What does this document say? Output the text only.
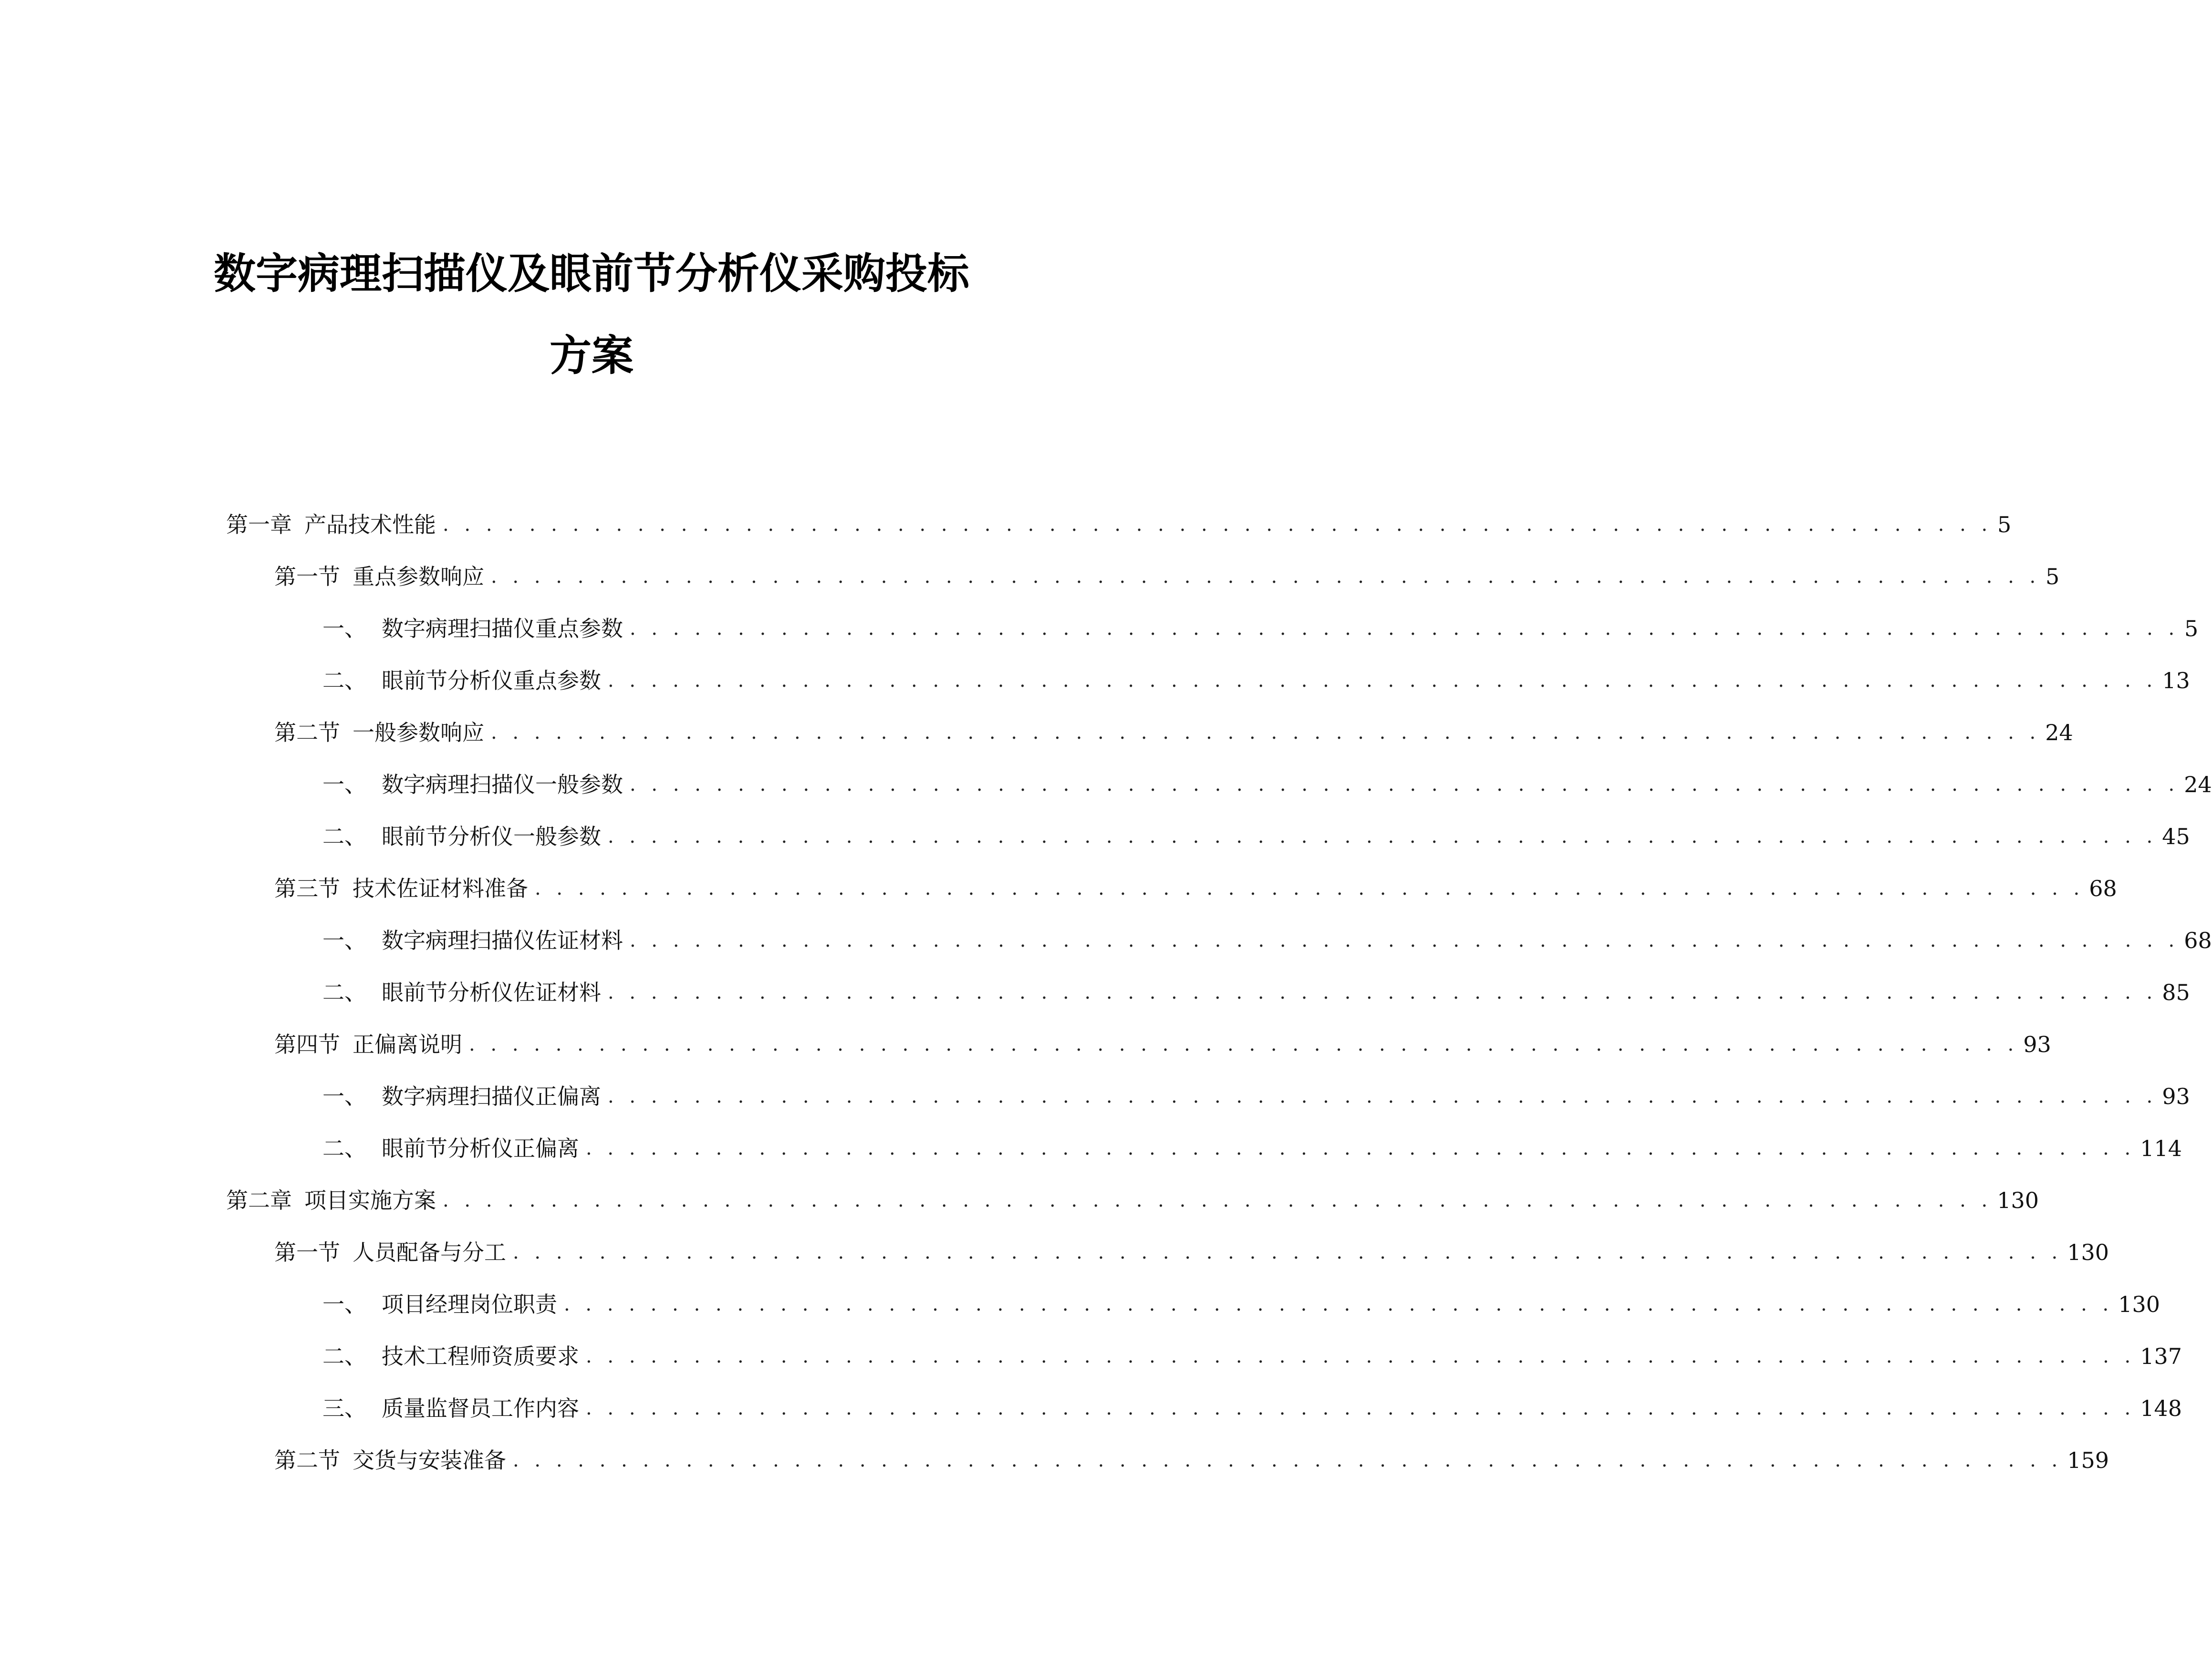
数字病理扫描仪及眼前节分析仪采购投标
方案
第一章 产品技术性能 . . . . . . . . . . . . . . . . . . . . . . . . . . . . . . . . . . . . . . . . . . . . . . . . . . . . . . . . . . . . . . . . . . . . . . . . 5
第一节 重点参数响应 . . . . . . . . . . . . . . . . . . . . . . . . . . . . . . . . . . . . . . . . . . . . . . . . . . . . . . . . . . . . . . . . . . . . . . . . 5
一、 数字病理扫描仪重点参数 . . . . . . . . . . . . . . . . . . . . . . . . . . . . . . . . . . . . . . . . . . . . . . . . . . . . . . . . . . . . . . . . . . . . . . . . 5
二、 眼前节分析仪重点参数 . . . . . . . . . . . . . . . . . . . . . . . . . . . . . . . . . . . . . . . . . . . . . . . . . . . . . . . . . . . . . . . . . . . . . . . . 13
第二节 一般参数响应 . . . . . . . . . . . . . . . . . . . . . . . . . . . . . . . . . . . . . . . . . . . . . . . . . . . . . . . . . . . . . . . . . . . . . . . . 24
一、 数字病理扫描仪一般参数 . . . . . . . . . . . . . . . . . . . . . . . . . . . . . . . . . . . . . . . . . . . . . . . . . . . . . . . . . . . . . . . . . . . . . . . . 24
二、 眼前节分析仪一般参数 . . . . . . . . . . . . . . . . . . . . . . . . . . . . . . . . . . . . . . . . . . . . . . . . . . . . . . . . . . . . . . . . . . . . . . . . 45
第三节 技术佐证材料准备 . . . . . . . . . . . . . . . . . . . . . . . . . . . . . . . . . . . . . . . . . . . . . . . . . . . . . . . . . . . . . . . . . . . . . . . . 68
一、 数字病理扫描仪佐证材料 . . . . . . . . . . . . . . . . . . . . . . . . . . . . . . . . . . . . . . . . . . . . . . . . . . . . . . . . . . . . . . . . . . . . . . . . 68
二、 眼前节分析仪佐证材料 . . . . . . . . . . . . . . . . . . . . . . . . . . . . . . . . . . . . . . . . . . . . . . . . . . . . . . . . . . . . . . . . . . . . . . . . 85
第四节 正偏离说明 . . . . . . . . . . . . . . . . . . . . . . . . . . . . . . . . . . . . . . . . . . . . . . . . . . . . . . . . . . . . . . . . . . . . . . . . 93
一、 数字病理扫描仪正偏离 . . . . . . . . . . . . . . . . . . . . . . . . . . . . . . . . . . . . . . . . . . . . . . . . . . . . . . . . . . . . . . . . . . . . . . . . 93
二、 眼前节分析仪正偏离 . . . . . . . . . . . . . . . . . . . . . . . . . . . . . . . . . . . . . . . . . . . . . . . . . . . . . . . . . . . . . . . . . . . . . . . . 114
第二章 项目实施方案 . . . . . . . . . . . . . . . . . . . . . . . . . . . . . . . . . . . . . . . . . . . . . . . . . . . . . . . . . . . . . . . . . . . . . . . . 130
第一节 人员配备与分工 . . . . . . . . . . . . . . . . . . . . . . . . . . . . . . . . . . . . . . . . . . . . . . . . . . . . . . . . . . . . . . . . . . . . . . . . 130
一、 项目经理岗位职责 . . . . . . . . . . . . . . . . . . . . . . . . . . . . . . . . . . . . . . . . . . . . . . . . . . . . . . . . . . . . . . . . . . . . . . . . 130
二、 技术工程师资质要求 . . . . . . . . . . . . . . . . . . . . . . . . . . . . . . . . . . . . . . . . . . . . . . . . . . . . . . . . . . . . . . . . . . . . . . . . 137
三、 质量监督员工作内容 . . . . . . . . . . . . . . . . . . . . . . . . . . . . . . . . . . . . . . . . . . . . . . . . . . . . . . . . . . . . . . . . . . . . . . . . 148
第二节 交货与安装准备 . . . . . . . . . . . . . . . . . . . . . . . . . . . . . . . . . . . . . . . . . . . . . . . . . . . . . . . . . . . . . . . . . . . . . . . . 159
